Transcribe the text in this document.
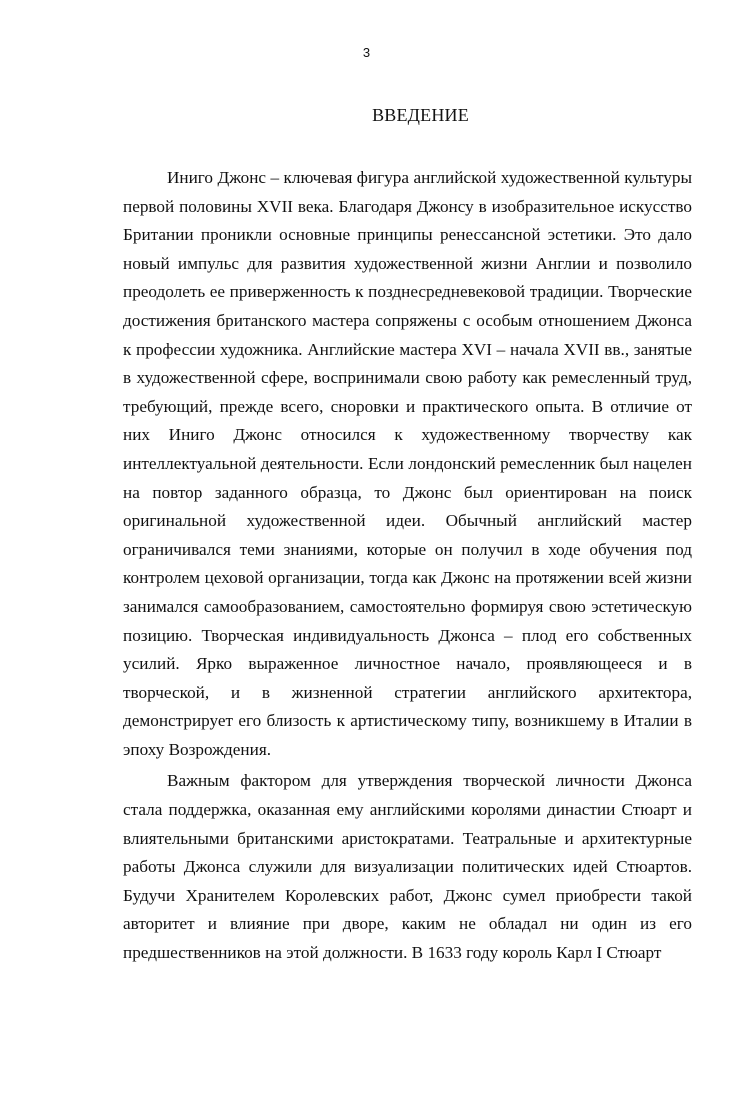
3
ВВЕДЕНИЕ

Иниго Джонс – ключевая фигура английской художественной культуры первой половины XVII века. Благодаря Джонсу в изобразительное искусство Британии проникли основные принципы ренессансной эстетики. Это дало новый импульс для развития художественной жизни Англии и позволило преодолеть ее приверженность к позднесредневековой традиции. Творческие достижения британского мастера сопряжены с особым отношением Джонса к профессии художника. Английские мастера XVI – начала XVII вв., занятые в художественной сфере, воспринимали свою работу как ремесленный труд, требующий, прежде всего, сноровки и практического опыта. В отличие от них Иниго Джонс относился к художественному творчеству как интеллектуальной деятельности. Если лондонский ремесленник был нацелен на повтор заданного образца, то Джонс был ориентирован на поиск оригинальной художественной идеи. Обычный английский мастер ограничивался теми знаниями, которые он получил в ходе обучения под контролем цеховой организации, тогда как Джонс на протяжении всей жизни занимался самообразованием, самостоятельно формируя свою эстетическую позицию. Творческая индивидуальность Джонса – плод его собственных усилий. Ярко выраженное личностное начало, проявляющееся и в творческой, и в жизненной стратегии английского архитектора, демонстрирует его близость к артистическому типу, возникшему в Италии в эпоху Возрождения.

Важным фактором для утверждения творческой личности Джонса стала поддержка, оказанная ему английскими королями династии Стюарт и влиятельными британскими аристократами. Театральные и архитектурные работы Джонса служили для визуализации политических идей Стюартов. Будучи Хранителем Королевских работ, Джонс сумел приобрести такой авторитет и влияние при дворе, каким не обладал ни один из его предшественников на этой должности. В 1633 году король Карл I Стюарт
